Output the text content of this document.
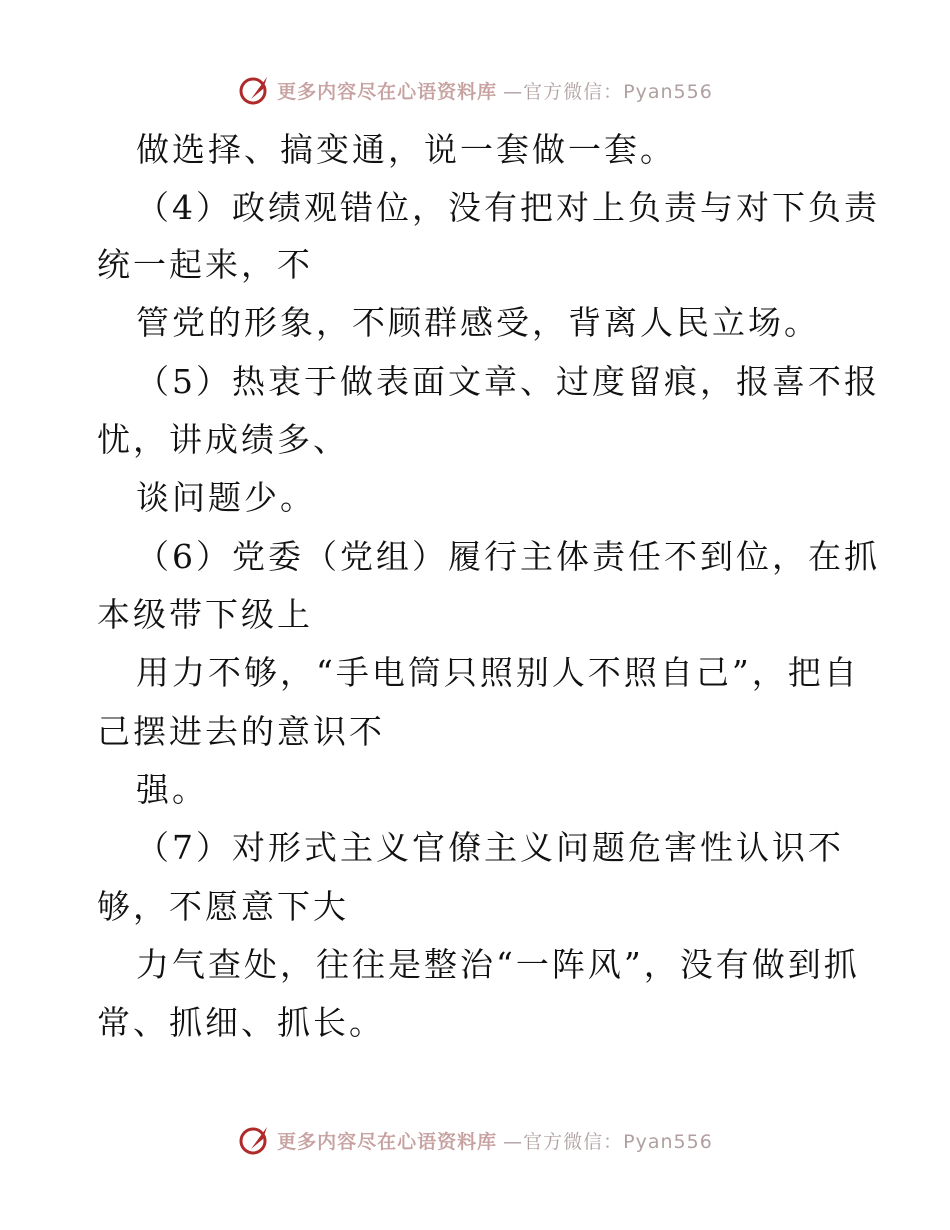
更多内容尽在心语资料库 —官方微信：Pyan556
做选择、搞变通，说一套做一套。
（4）政绩观错位，没有把对上负责与对下负责
统一起来，不
管党的形象，不顾群感受，背离人民立场。
（5）热衷于做表面文章、过度留痕，报喜不报
忧，讲成绩多、
谈问题少。
（6）党委（党组）履行主体责任不到位，在抓
本级带下级上
用力不够，“手电筒只照别人不照自己”，把自
己摆进去的意识不
强。
（7）对形式主义官僚主义问题危害性认识不
够，不愿意下大
力气查处，往往是整治“一阵风”，没有做到抓
常、抓细、抓长。
更多内容尽在心语资料库 —官方微信：Pyan556
